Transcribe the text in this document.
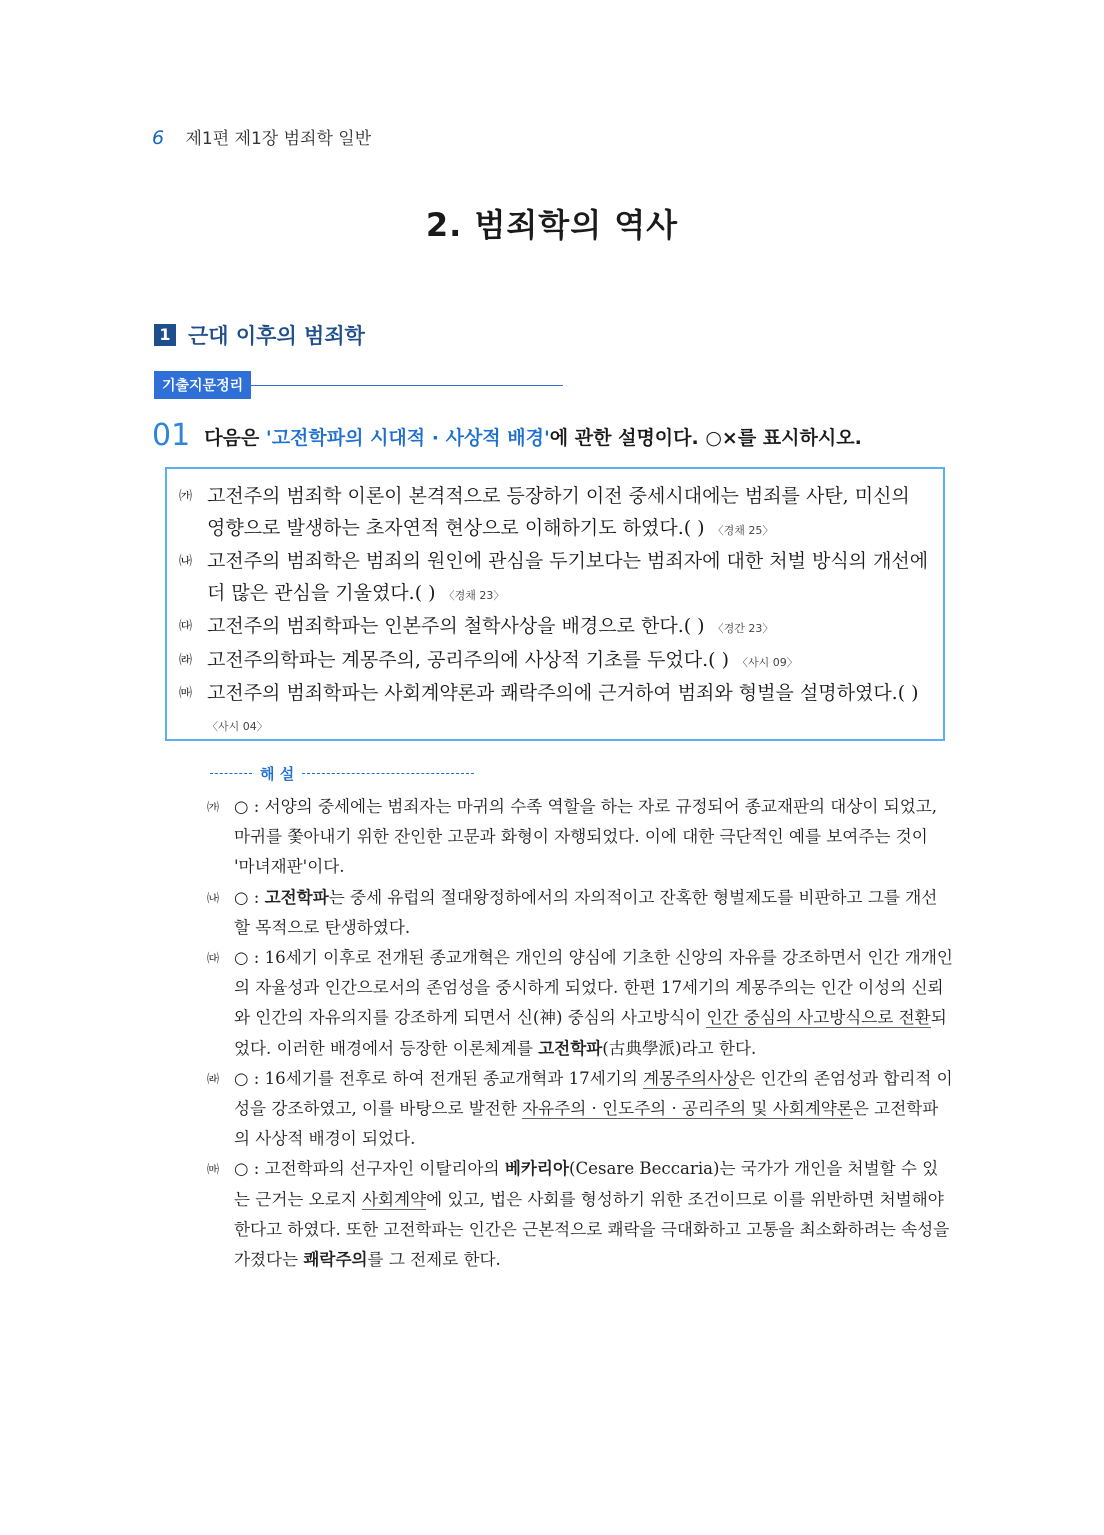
6 제1편 제1장 범죄학 일반
2. 범죄학의 역사
1 근대 이후의 범죄학
기출지문정리
01 다음은 '고전학파의 시대적 · 사상적 배경'에 관한 설명이다. ○×를 표시하시오.
㈎ 고전주의 범죄학 이론이 본격적으로 등장하기 이전 중세시대에는 범죄를 사탄, 미신의 영향으로 발생하는 초자연적 현상으로 이해하기도 하였다.( ) 〈경채 25〉
㈏ 고전주의 범죄학은 범죄의 원인에 관심을 두기보다는 범죄자에 대한 처벌 방식의 개선에 더 많은 관심을 기울였다.( ) 〈경채 23〉
㈐ 고전주의 범죄학파는 인본주의 철학사상을 배경으로 한다.( ) 〈경간 23〉
㈑ 고전주의학파는 계몽주의, 공리주의에 사상적 기초를 두었다.( ) 〈사시 09〉
㈒ 고전주의 범죄학파는 사회계약론과 쾌락주의에 근거하여 범죄와 형벌을 설명하였다.( )
〈사시 04〉
해 설
㈎ ○ : 서양의 중세에는 범죄자는 마귀의 수족 역할을 하는 자로 규정되어 종교재판의 대상이 되었고, 마귀를 쫓아내기 위한 잔인한 고문과 화형이 자행되었다. 이에 대한 극단적인 예를 보여주는 것이 '마녀재판'이다.
㈏ ○ : 고전학파는 중세 유럽의 절대왕정하에서의 자의적이고 잔혹한 형벌제도를 비판하고 그를 개선할 목적으로 탄생하였다.
㈐ ○ : 16세기 이후로 전개된 종교개혁은 개인의 양심에 기초한 신앙의 자유를 강조하면서 인간 개개인의 자율성과 인간으로서의 존엄성을 중시하게 되었다. 한편 17세기의 계몽주의는 인간 이성의 신뢰와 인간의 자유의지를 강조하게 되면서 신(神) 중심의 사고방식이 인간 중심의 사고방식으로 전환되었다. 이러한 배경에서 등장한 이론체계를 고전학파(古典學派)라고 한다.
㈑ ○ : 16세기를 전후로 하여 전개된 종교개혁과 17세기의 계몽주의사상은 인간의 존엄성과 합리적 이성을 강조하였고, 이를 바탕으로 발전한 자유주의 · 인도주의 · 공리주의 및 사회계약론은 고전학파의 사상적 배경이 되었다.
㈒ ○ : 고전학파의 선구자인 이탈리아의 베카리아(Cesare Beccaria)는 국가가 개인을 처벌할 수 있는 근거는 오로지 사회계약에 있고, 법은 사회를 형성하기 위한 조건이므로 이를 위반하면 처벌해야 한다고 하였다. 또한 고전학파는 인간은 근본적으로 쾌락을 극대화하고 고통을 최소화하려는 속성을 가졌다는 쾌락주의를 그 전제로 한다.
